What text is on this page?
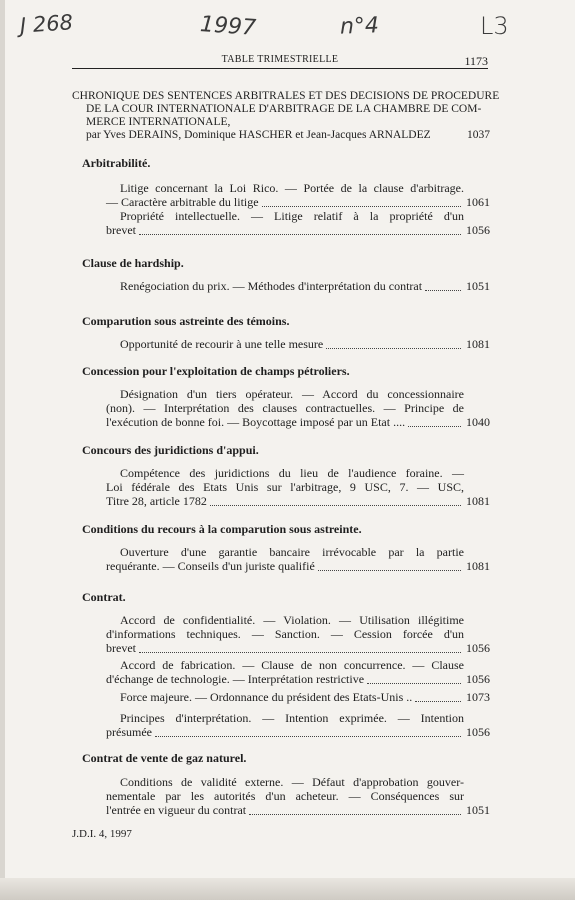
J 268	1997	n°4	L3
TABLE TRIMESTRIELLE	1173
CHRONIQUE DES SENTENCES ARBITRALES ET DES DECISIONS DE PROCEDURE
DE LA COUR INTERNATIONALE D'ARBITRAGE DE LA CHAMBRE DE COM-
MERCE INTERNATIONALE,
par Yves DERAINS, Dominique HASCHER et Jean-Jacques ARNALDEZ	1037
Arbitrabilité.
Litige concernant la Loi Rico. — Portée de la clause d'arbitrage.
— Caractère arbitrable du litige	1061
Propriété intellectuelle. — Litige relatif à la propriété d'un
brevet	1056
Clause de hardship.
Renégociation du prix. — Méthodes d'interprétation du contrat	1051
Comparution sous astreinte des témoins.
Opportunité de recourir à une telle mesure	1081
Concession pour l'exploitation de champs pétroliers.
Désignation d'un tiers opérateur. — Accord du concessionnaire
(non). — Interprétation des clauses contractuelles. — Principe de
l'exécution de bonne foi. — Boycottage imposé par un Etat ....	1040
Concours des juridictions d'appui.
Compétence des juridictions du lieu de l'audience foraine. —
Loi fédérale des Etats Unis sur l'arbitrage, 9 USC, 7. — USC,
Titre 28, article 1782	1081
Conditions du recours à la comparution sous astreinte.
Ouverture d'une garantie bancaire irrévocable par la partie
requérante. — Conseils d'un juriste qualifié	1081
Contrat.
Accord de confidentialité. — Violation. — Utilisation illégitime
d'informations techniques. — Sanction. — Cession forcée d'un
brevet	1056
Accord de fabrication. — Clause de non concurrence. — Clause
d'échange de technologie. — Interprétation restrictive	1056
Force majeure. — Ordonnance du président des Etats-Unis ..	1073
Principes d'interprétation. — Intention exprimée. — Intention
présumée	1056
Contrat de vente de gaz naturel.
Conditions de validité externe. — Défaut d'approbation gouver-
nementale par les autorités d'un acheteur. — Conséquences sur
l'entrée en vigueur du contrat	1051
J.D.I. 4, 1997
